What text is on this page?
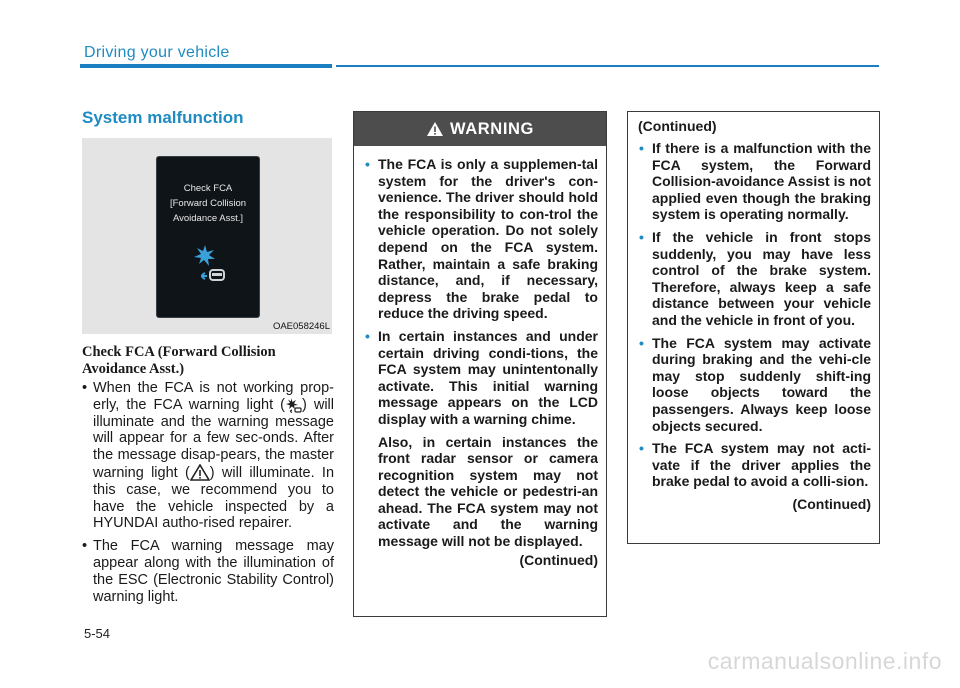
Driving your vehicle
System malfunction
Check FCA
[Forward Collision
Avoidance Asst.]
OAE058246L
Check FCA (Forward Collision Avoidance Asst.)
• When the FCA is not working prop-erly, the FCA warning light ( ) will illuminate and the warning message will appear for a few sec-onds. After the message disap-pears, the master warning light ( ) will illuminate. In this case, we recommend you to have the vehicle inspected by a HYUNDAI autho-rised repairer.
• The FCA warning message may appear along with the illumination of the ESC (Electronic Stability Control) warning light.
WARNING
• The FCA is only a supplemen-tal system for the driver's con-venience. The driver should hold the responsibility to con-trol the vehicle operation. Do not solely depend on the FCA system. Rather, maintain a safe braking distance, and, if necessary, depress the brake pedal to reduce the driving speed.
• In certain instances and under certain driving condi-tions, the FCA system may unintentonally activate. This initial warning message appears on the LCD display with a warning chime.

Also, in certain instances the front radar sensor or camera recognition system may not detect the vehicle or pedestri-an ahead. The FCA system may not activate and the warning message will not be displayed.

(Continued)
(Continued)
• If there is a malfunction with the FCA system, the Forward Collision-avoidance Assist is not applied even though the braking system is operating normally.
• If the vehicle in front stops suddenly, you may have less control of the brake system. Therefore, always keep a safe distance between your vehicle and the vehicle in front of you.
• The FCA system may activate during braking and the vehi-cle may stop suddenly shift-ing loose objects toward the passengers. Always keep loose objects secured.
• The FCA system may not acti-vate if the driver applies the brake pedal to avoid a colli-sion.
(Continued)
5-54
carmanualsonline.info
